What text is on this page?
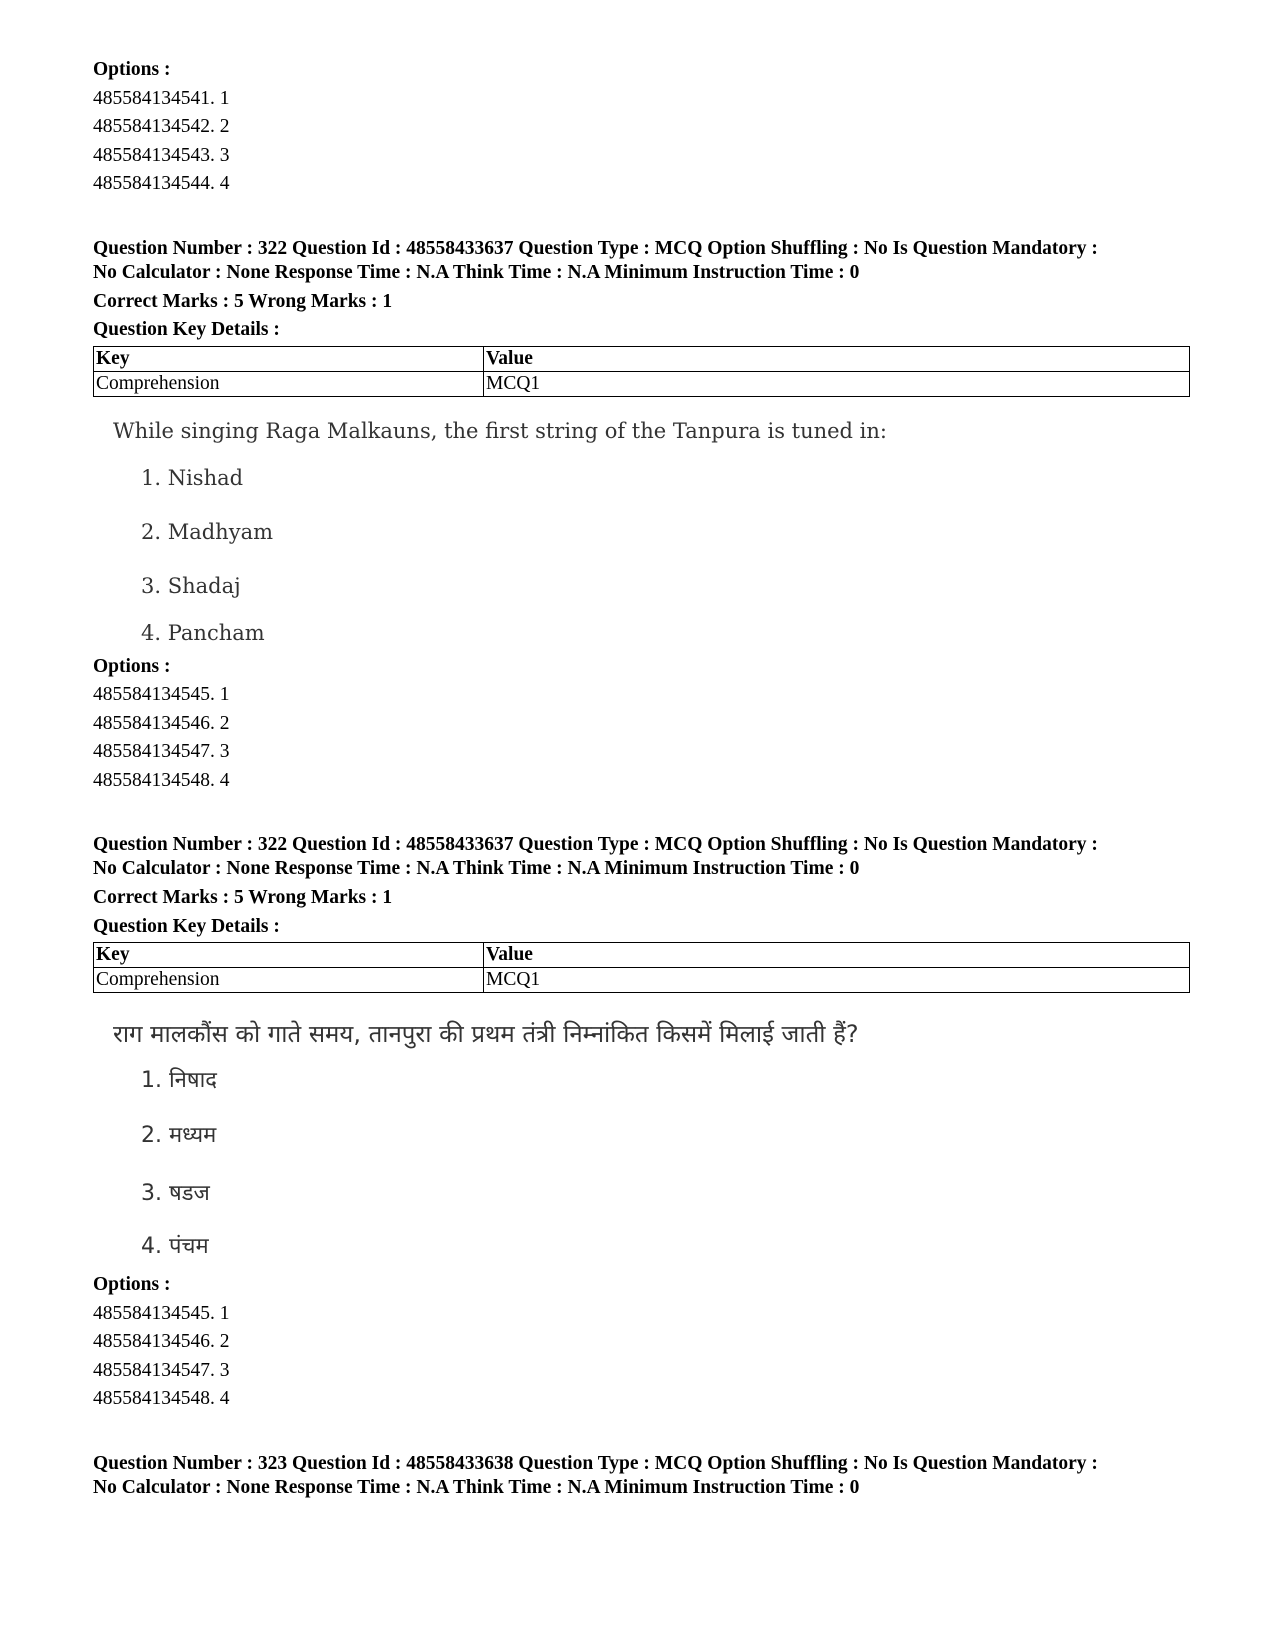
Options :
485584134541. 1
485584134542. 2
485584134543. 3
485584134544. 4
Question Number : 322 Question Id : 48558433637 Question Type : MCQ Option Shuffling : No Is Question Mandatory :
No Calculator : None Response Time : N.A Think Time : N.A Minimum Instruction Time : 0
Correct Marks : 5 Wrong Marks : 1
Question Key Details :
Key	Value
Comprehension	MCQ1
While singing Raga Malkauns, the first string of the Tanpura is tuned in:
1. Nishad
2. Madhyam
3. Shadaj
4. Pancham
Options :
485584134545. 1
485584134546. 2
485584134547. 3
485584134548. 4
Question Number : 322 Question Id : 48558433637 Question Type : MCQ Option Shuffling : No Is Question Mandatory :
No Calculator : None Response Time : N.A Think Time : N.A Minimum Instruction Time : 0
Correct Marks : 5 Wrong Marks : 1
Question Key Details :
Key	Value
Comprehension	MCQ1
राग मालकौंस को गाते समय, तानपुरा की प्रथम तंत्री निम्नांकित किसमें मिलाई जाती हैं?
1. निषाद
2. मध्यम
3. षडज
4. पंचम
Options :
485584134545. 1
485584134546. 2
485584134547. 3
485584134548. 4
Question Number : 323 Question Id : 48558433638 Question Type : MCQ Option Shuffling : No Is Question Mandatory :
No Calculator : None Response Time : N.A Think Time : N.A Minimum Instruction Time : 0
